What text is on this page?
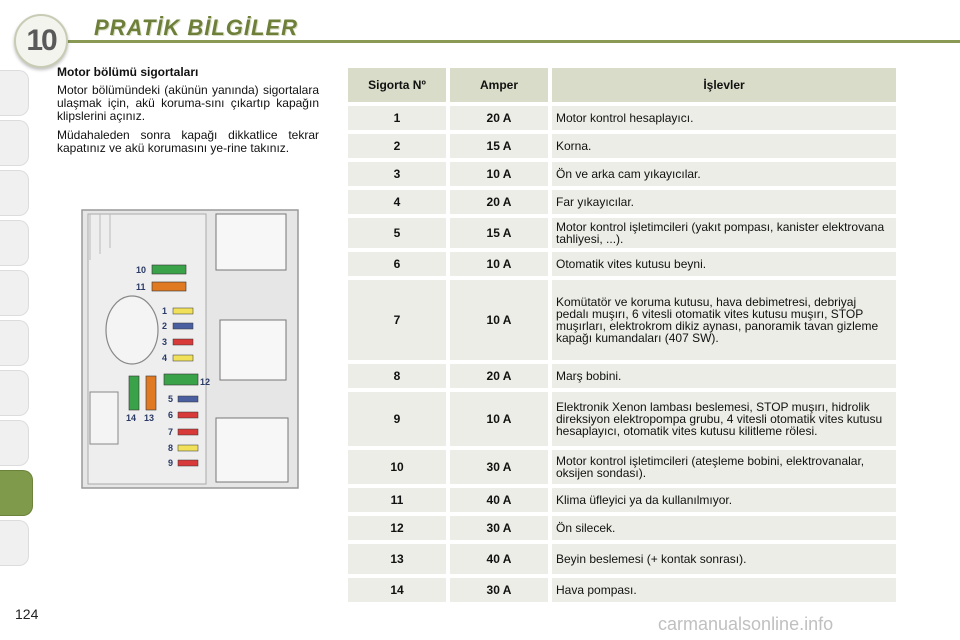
10	PRATİK BİLGİLER
Motor bölümü sigortaları

Motor bölümündeki (akünün yanında) sigortalara ulaşmak için, akü koruma-sını çıkartıp kapağın klipslerini açınız.

Müdahaleden sonra kapağı dikkatlice tekrar kapatınız ve akü korumasını ye-rine takınız.

10
11
1
2
3
4
12
5
6
7
8
9
14 13
Sigorta Nº	Amper	İşlevler
1	20 A	Motor kontrol hesaplayıcı.
2	15 A	Korna.
3	10 A	Ön ve arka cam yıkayıcılar.
4	20 A	Far yıkayıcılar.
5	15 A	Motor kontrol işletimcileri (yakıt pompası, kanister elektrovana tahliyesi, ...).
6	10 A	Otomatik vites kutusu beyni.
7	10 A	Komütatör ve koruma kutusu, hava debimetresi, debriyaj pedalı muşırı, 6 vitesli otomatik vites kutusu muşırı, STOP muşırları, elektrokrom dikiz aynası, panoramik tavan gizleme kapağı kumandaları (407 SW).
8	20 A	Marş bobini.
9	10 A	Elektronik Xenon lambası beslemesi, STOP muşırı, hidrolik direksiyon elektropompa grubu, 4 vitesli otomatik vites kutusu hesaplayıcı, otomatik vites kutusu kilitleme rölesi.
10	30 A	Motor kontrol işletimcileri (ateşleme bobini, elektrovanalar, oksijen sondası).
11	40 A	Klima üfleyici ya da kullanılmıyor.
12	30 A	Ön silecek.
13	40 A	Beyin beslemesi (+ kontak sonrası).
14	30 A	Hava pompası.
124	carmanualsonline.info
